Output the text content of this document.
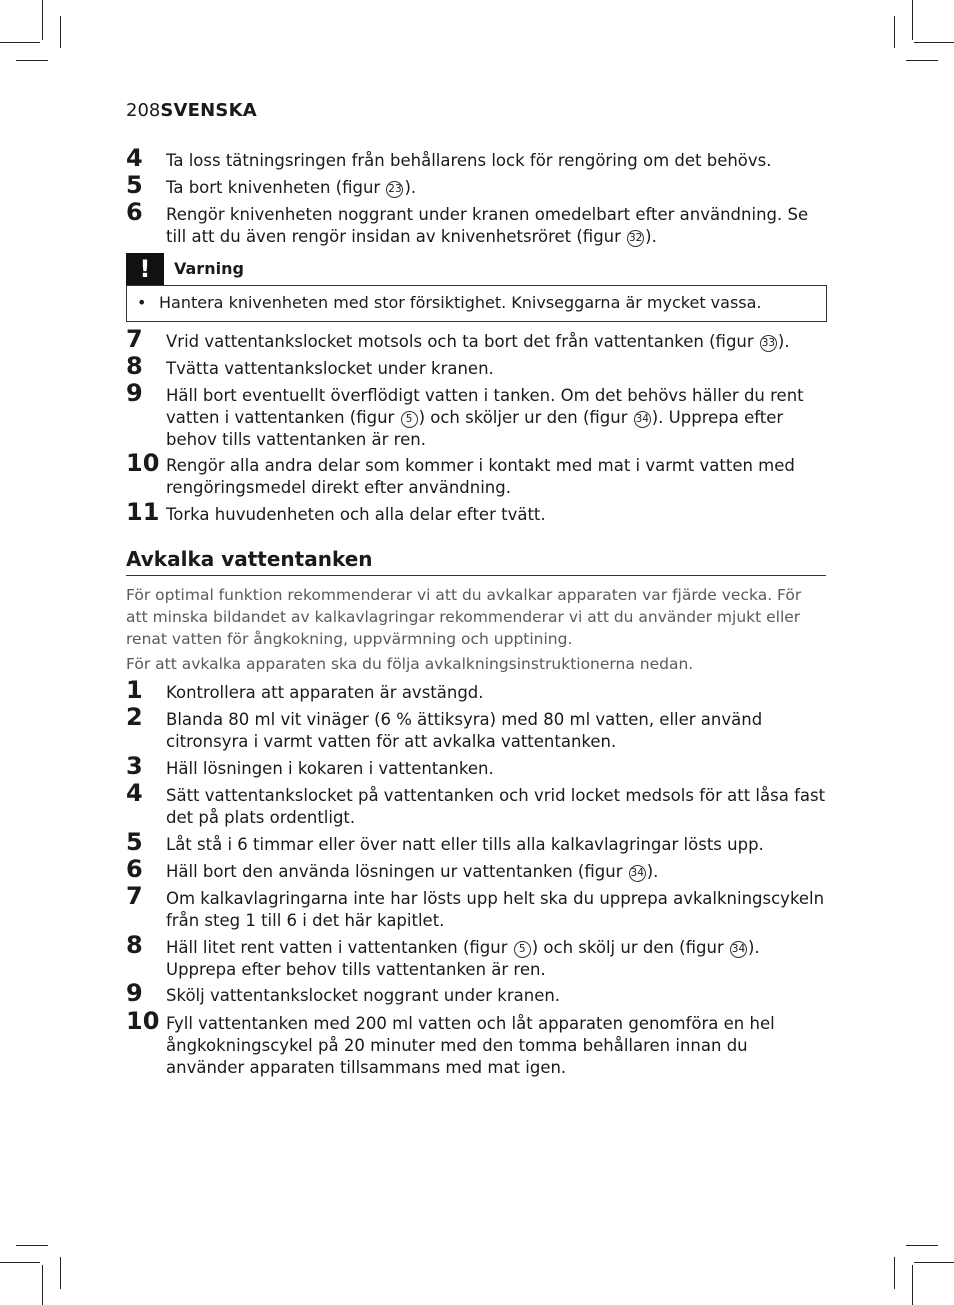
208SVENSKA
4	Ta loss tätningsringen från behållarens lock för rengöring om det behövs.
5	Ta bort knivenheten (figur 23 ).
6	Rengör knivenheten noggrant under kranen omedelbart efter användning. Se till att du även rengör insidan av knivenhetsröret (figur 32 ).
!	Varning
• Hantera knivenheten med stor försiktighet. Knivseggarna är mycket vassa.
7	Vrid vattentankslocket motsols och ta bort det från vattentanken (figur 33 ).
8	Tvätta vattentankslocket under kranen.
9	Häll bort eventuellt överflödigt vatten i tanken. Om det behövs häller du rent vatten i vattentanken (figur 5 ) och sköljer ur den (figur 34 ). Upprepa efter behov tills vattentanken är ren.
10 Rengör alla andra delar som kommer i kontakt med mat i varmt vatten med rengöringsmedel direkt efter användning.
11 Torka huvudenheten och alla delar efter tvätt.
Avkalka vattentanken
För optimal funktion rekommenderar vi att du avkalkar apparaten var fjärde vecka. För att minska bildandet av kalkavlagringar rekommenderar vi att du använder mjukt eller renat vatten för ångkokning, uppvärmning och upptining.
För att avkalka apparaten ska du följa avkalkningsinstruktionerna nedan.
1	Kontrollera att apparaten är avstängd.
2	Blanda 80 ml vit vinäger (6 % ättiksyra) med 80 ml vatten, eller använd citronsyra i varmt vatten för att avkalka vattentanken.
3	Häll lösningen i kokaren i vattentanken.
4	Sätt vattentankslocket på vattentanken och vrid locket medsols för att låsa fast det på plats ordentligt.
5	Låt stå i 6 timmar eller över natt eller tills alla kalkavlagringar lösts upp.
6	Häll bort den använda lösningen ur vattentanken (figur 34 ).
7	Om kalkavlagringarna inte har lösts upp helt ska du upprepa avkalkningscykeln från steg 1 till 6 i det här kapitlet.
8	Häll litet rent vatten i vattentanken (figur 5 ) och skölj ur den (figur 34 ). Upprepa efter behov tills vattentanken är ren.
9	Skölj vattentankslocket noggrant under kranen.
10 Fyll vattentanken med 200 ml vatten och låt apparaten genomföra en hel ångkokningscykel på 20 minuter med den tomma behållaren innan du använder apparaten tillsammans med mat igen.
